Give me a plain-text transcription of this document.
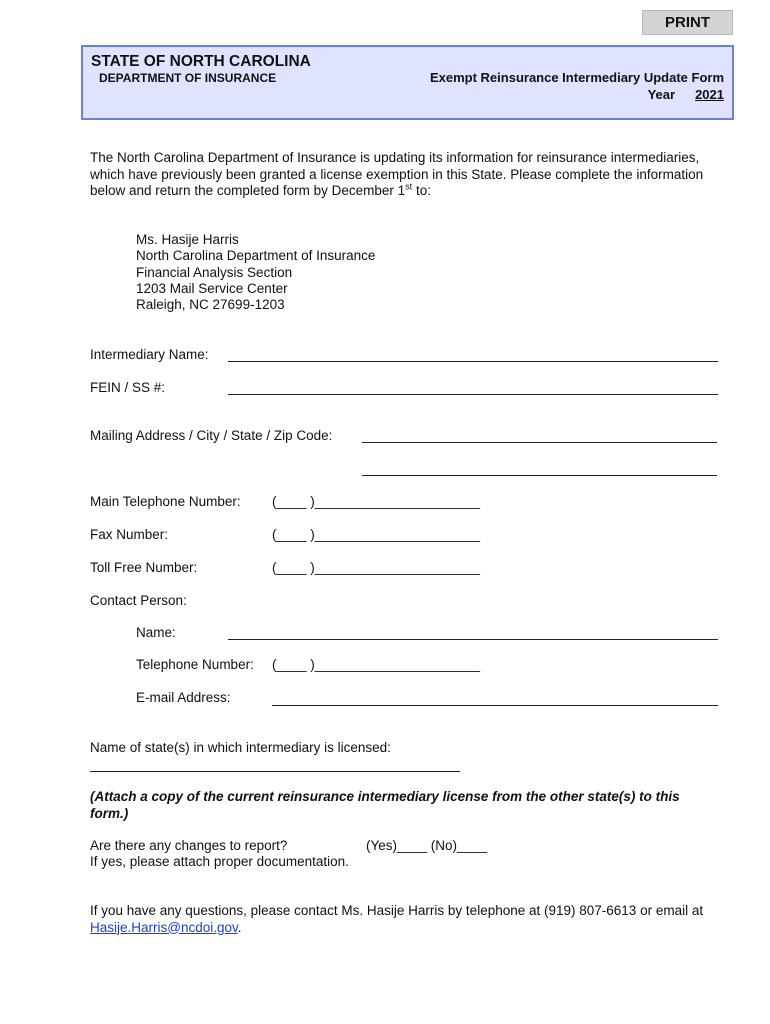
PRINT
STATE OF NORTH CAROLINA
DEPARTMENT OF INSURANCE	Exempt Reinsurance Intermediary Update Form
Year 2021
The North Carolina Department of Insurance is updating its information for reinsurance intermediaries, which have previously been granted a license exemption in this State. Please complete the information below and return the completed form by December 1st to:
Ms. Hasije Harris
North Carolina Department of Insurance
Financial Analysis Section
1203 Mail Service Center
Raleigh, NC 27699-1203
Intermediary Name:
FEIN / SS #:
Mailing Address / City / State / Zip Code:
Main Telephone Number: (____ )______________________
Fax Number:	(____ )______________________
Toll Free Number:	(____ )______________________
Contact Person:
Name:
Telephone Number: (____ )______________________
E-mail Address:
Name of state(s) in which intermediary is licensed:
(Attach a copy of the current reinsurance intermediary license from the other state(s) to this form.)
Are there any changes to report?	(Yes)____ (No)____
If yes, please attach proper documentation.
If you have any questions, please contact Ms. Hasije Harris by telephone at (919) 807-6613 or email at
Hasije.Harris@ncdoi.gov.
